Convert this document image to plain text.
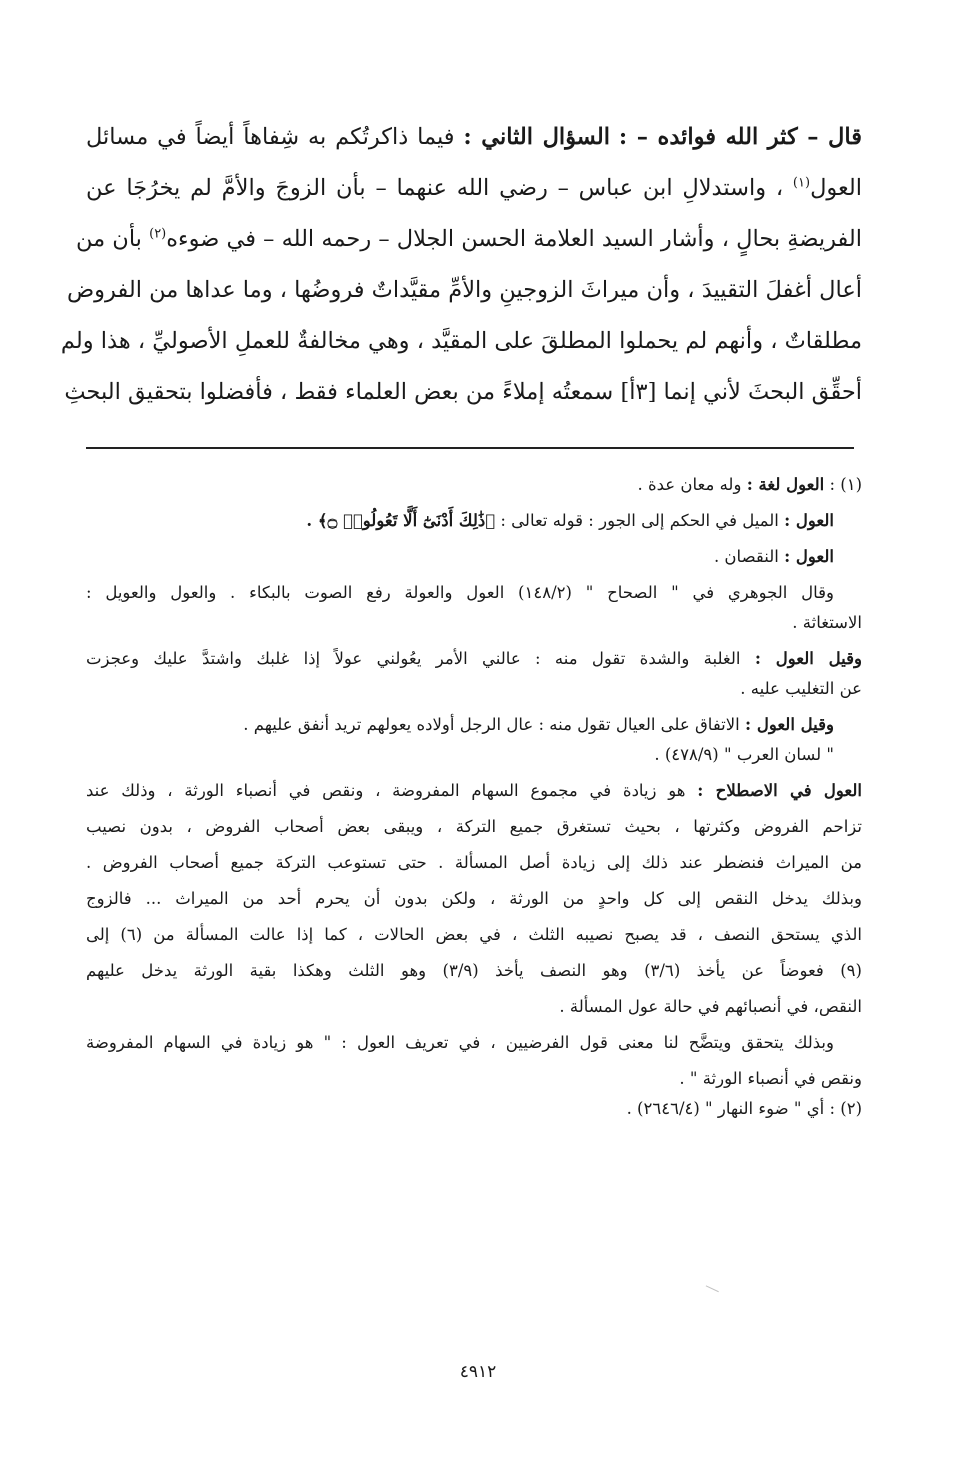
قال – كثر الله فوائده – : السؤال الثاني : فيما ذاكرتُكم به شِفاهاً أيضاً في مسائل

العول$^{(١)}$ ، واستدلالِ ابن عباس – رضي الله عنهما – بأن الزوجَ والأمَّ لم يخرُجَا عن

الفريضةِ بحالٍ ، وأشار السيد العلامة الحسن الجلال – رحمه الله – في ضوءه$^{(٢)}$ بأن من

أعال أغفلَ التقييدَ ، وأن ميراثَ الزوجينِ والأمِّ مقيَّداتٌ فروضُها ، وما عداها من الفروض

مطلقاتٌ ، وأنهم لم يحملوا المطلقَ على المقيَّد ، وهي مخالفةٌ للعملِ الأصوليِّ ، هذا ولم

أحقِّق البحثَ لأني إنما [٣أ] سمعتُه إملاءً من بعض العلماء فقط ، فأفضلوا بتحقيق البحثِ

(١) : العول لغة : وله معان عدة .

العول : الميل في الحكم إلى الجور : قوله تعالى : ﴿ذَٰلِكَ أَدْنَىٰٓ أَلَّا تَعُولُوا۟ ۝﴾ .

العول : النقصان .

وقال الجوهري في " الصحاح " (١٤٨/٢) العول والعولة رفع الصوت بالبكاء . والعول والعويل :

الاستغاثة .

وقيل العول : الغلبة والشدة تقول منه : عالني الأمر يعُولني عولاً إذا غلبك واشتدَّ عليك وعجزت

عن التغليب عليه .

وقيل العول : الاتفاق على العيال تقول منه : عال الرجل أولاده يعولهم تريد أنفق عليهم .

" لسان العرب " (٤٧٨/٩) .

العول في الاصطلاح : هو زيادة في مجموع السهام المفروضة ، ونقص في أنصباء الورثة ، وذلك عند

تزاحم الفروض وكثرتها ، بحيث تستغرق جميع التركة ، ويبقى بعض أصحاب الفروض ، بدون نصيب

من الميراث فنضطر عند ذلك إلى زيادة أصل المسألة . حتى تستوعب التركة جميع أصحاب الفروض .

وبذلك يدخل النقص إلى كل واحدٍ من الورثة ، ولكن بدون أن يحرم أحد من الميراث ... فالزوج

الذي يستحق النصف ، قد يصبح نصيبه الثلث ، في بعض الحالات ، كما إذا عالت المسألة من (٦) إلى

(٩) فعوضاً عن يأخذ (٣/٦) وهو النصف يأخذ (٣/٩) وهو الثلث وهكذا بقية الورثة يدخل عليهم

النقص، في أنصبائهم في حالة عول المسألة .

وبذلك يتحقق ويتضَّح لنا معنى قول الفرضيين ، في تعريف العول : " هو زيادة في السهام المفروضة

ونقص في أنصباء الورثة " .

(٢) : أي " ضوء النهار " (٢٦٤٦/٤) .

٤٩١٢
